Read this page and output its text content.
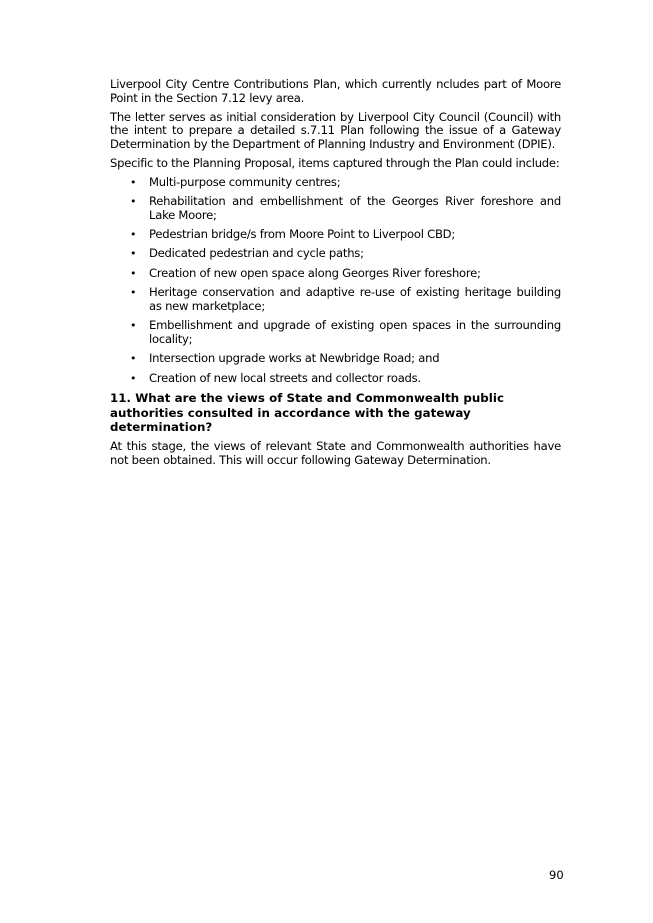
Liverpool City Centre Contributions Plan, which currently ncludes part of Moore Point in the Section 7.12 levy area.

The letter serves as initial consideration by Liverpool City Council (Council) with the intent to prepare a detailed s.7.11 Plan following the issue of a Gateway Determination by the Department of Planning Industry and Environment (DPIE).

Specific to the Planning Proposal, items captured through the Plan could include:

• Multi-purpose community centres;
• Rehabilitation and embellishment of the Georges River foreshore and Lake Moore;
• Pedestrian bridge/s from Moore Point to Liverpool CBD;
• Dedicated pedestrian and cycle paths;
• Creation of new open space along Georges River foreshore;
• Heritage conservation and adaptive re-use of existing heritage building as new marketplace;
• Embellishment and upgrade of existing open spaces in the surrounding locality;
• Intersection upgrade works at Newbridge Road; and
• Creation of new local streets and collector roads.

11. What are the views of State and Commonwealth public authorities consulted in accordance with the gateway determination?

At this stage, the views of relevant State and Commonwealth authorities have not been obtained. This will occur following Gateway Determination.

90
